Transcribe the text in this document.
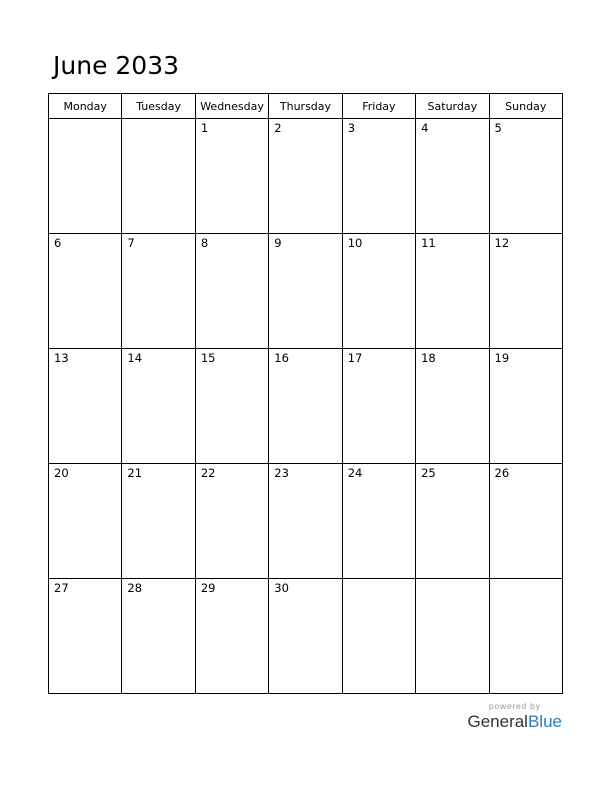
June 2033
Monday	Tuesday	Wednesday	Thursday	Friday	Saturday	Sunday

		1	2	3	4	5

6	7	8	9	10	11	12

13	14	15	16	17	18	19

20	21	22	23	24	25	26

27	28	29	30			

powered by
GeneralBlue
